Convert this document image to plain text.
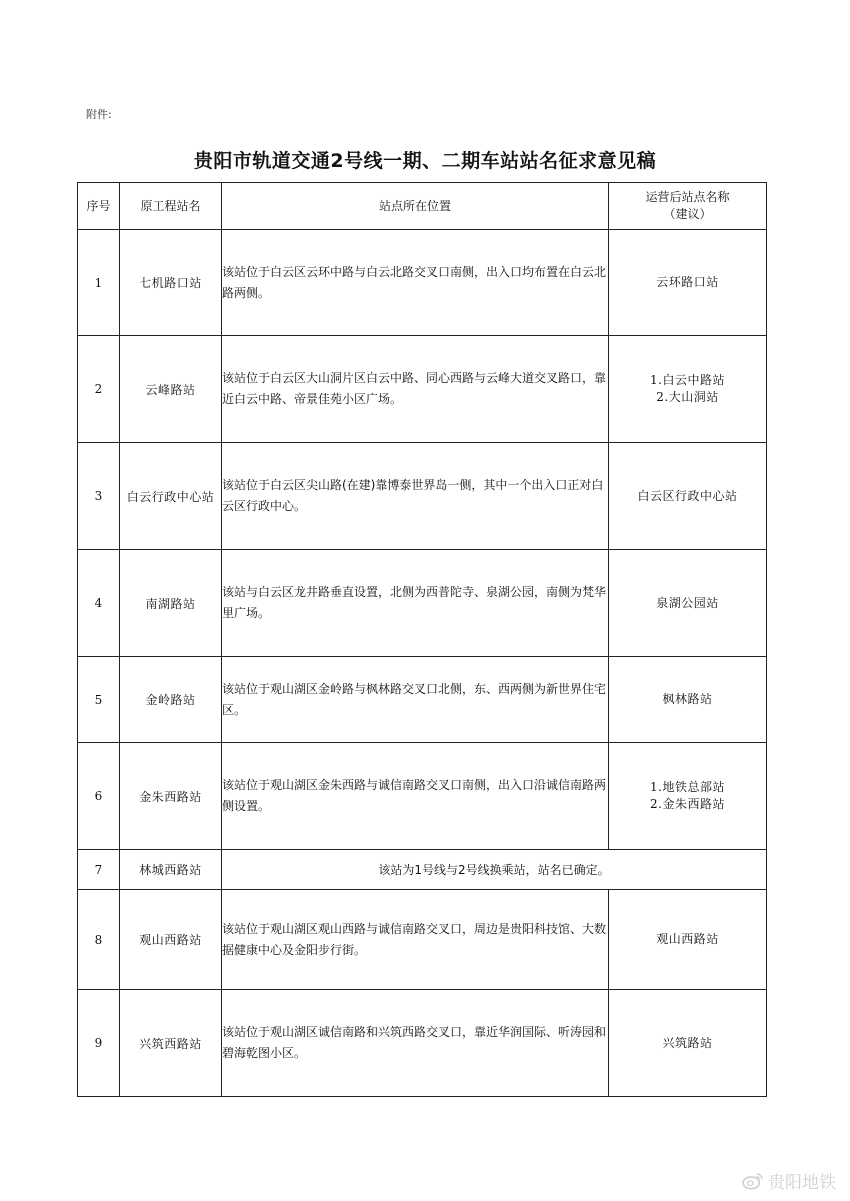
附件:
贵阳市轨道交通2号线一期、二期车站站名征求意见稿
序号	原工程站名	站点所在位置	运营后站点名称（建议）
1	七机路口站	该站位于白云区云环中路与白云北路交叉口南侧，出入口均布置在白云北路两侧。	云环路口站

2	云峰路站	该站位于白云区大山洞片区白云中路、同心西路与云峰大道交叉路口，靠近白云中路、帝景佳苑小区广场。	1.白云中路站
2.大山洞站

3	白云行政中心站	该站位于白云区尖山路(在建)靠博泰世界岛一侧，其中一个出入口正对白云区行政中心。	白云区行政中心站

4	南湖路站	该站与白云区龙井路垂直设置，北侧为西普陀寺、泉湖公园，南侧为梵华里广场。	泉湖公园站

5	金岭路站	该站位于观山湖区金岭路与枫林路交叉口北侧，东、西两侧为新世界住宅区。	枫林路站

6	金朱西路站	该站位于观山湖区金朱西路与诚信南路交叉口南侧，出入口沿诚信南路两侧设置。	1.地铁总部站
2.金朱西路站

7	林城西路站	该站为1号线与2号线换乘站，站名已确定。	
8	观山西路站	该站位于观山湖区观山西路与诚信南路交叉口，周边是贵阳科技馆、大数据健康中心及金阳步行街。	观山西路站

9	兴筑西路站	该站位于观山湖区诚信南路和兴筑西路交叉口，靠近华润国际、听涛园和碧海乾图小区。	兴筑路站
贵阳地铁
